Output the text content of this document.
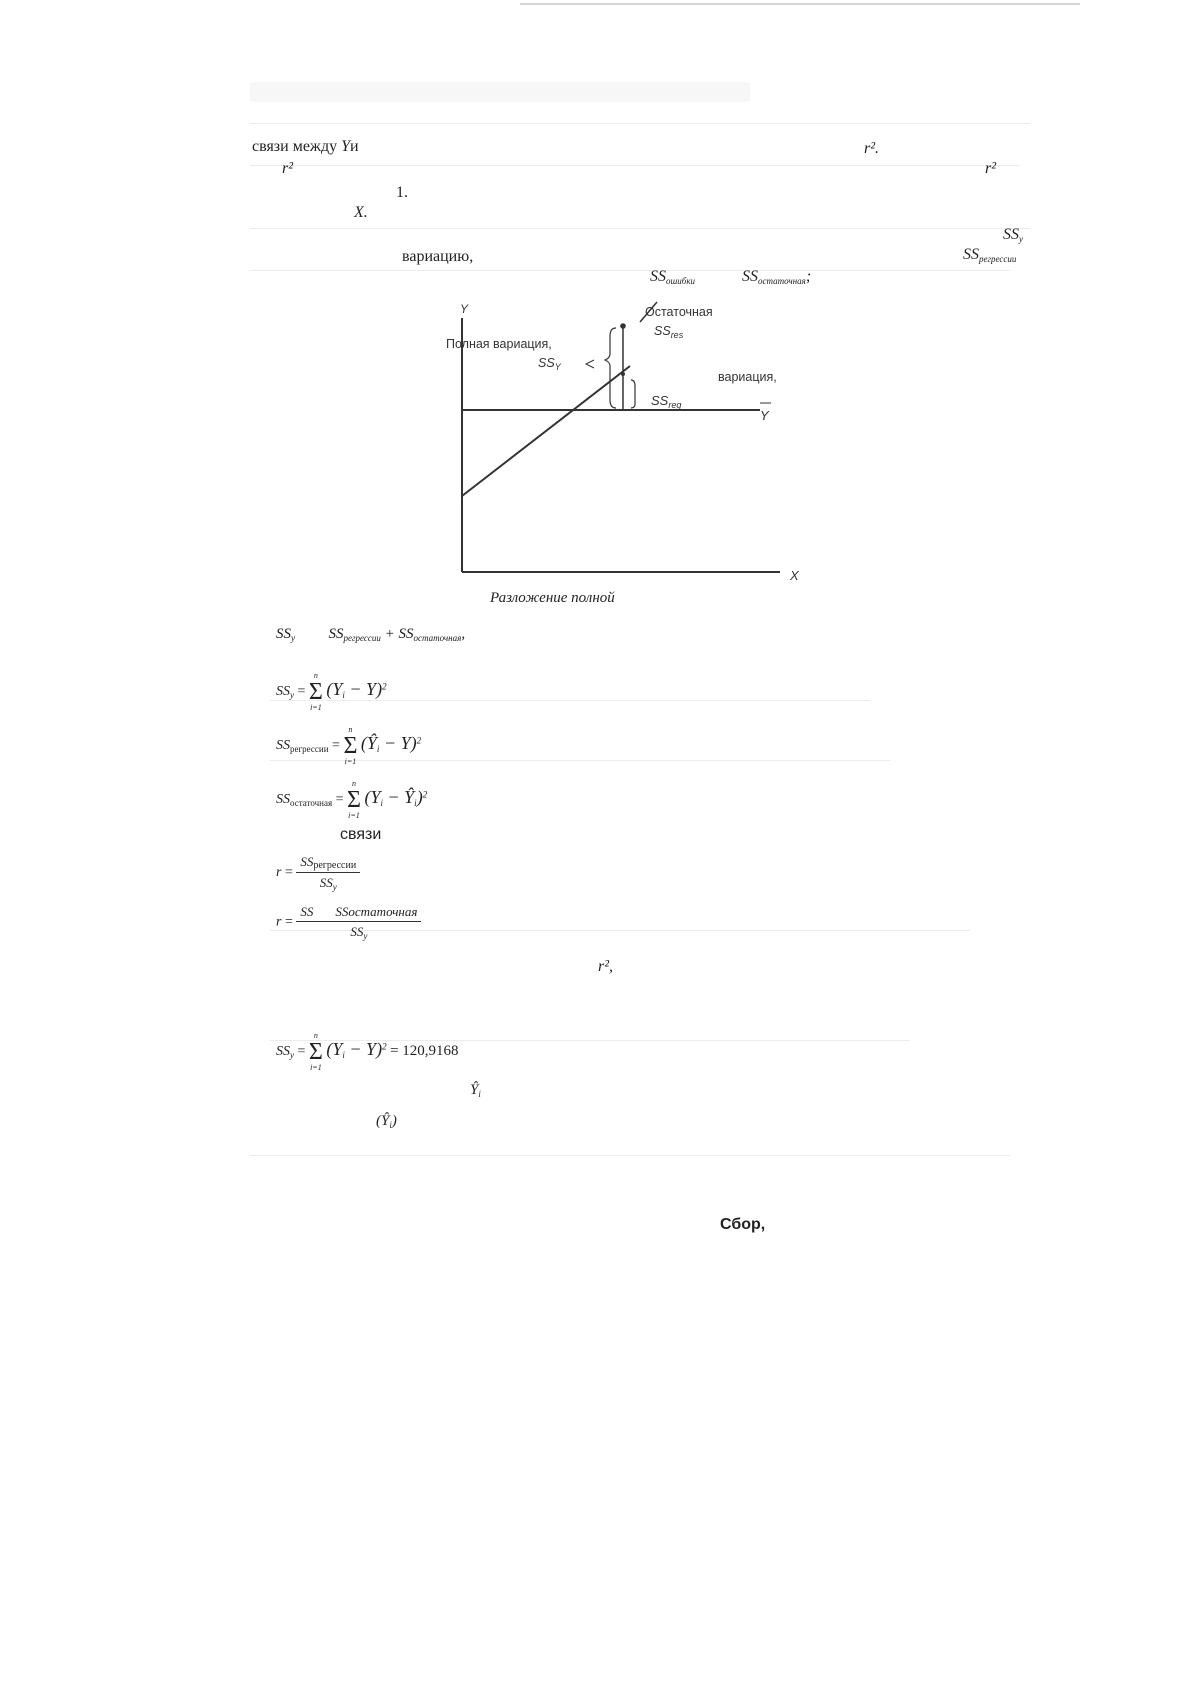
связи между Yи	r².
r²	r²
1.
X.
$SS_y$
вариацию,	$SS_{регрессии}$
$SS_{ошибки}$	$SS_{остаточная}$;
Y
X
Y
Остаточная
$SS_{res}$
Полная вариация,
$SS_Y$
$SS_{reg}$
вариация,
Разложение полной
$SS_y$ $SS_{регрессии} + SS_{остаточная}$,
$SS_y$ =
n
Σ
i=1
$(Y_i - Y)^2$
$SS_{регрессии}$ =
n
Σ
i=1
$(Ŷ_i - Y)^2$
$SS_{остаточная}$ =
n
Σ
i=1
($Y_i$ − $Ŷ_i)^2$
связи
$r = \frac{\text{SSрегрессии}}{SS_y}$
$r = \frac{\text{SS SSостаточная}}{SS_y}$
r²,
$SS_y$ =
n
Σ
i=1
$(Y_i - Y)^2 = 120,9168$
$Ŷ_i$
$(Ŷ_i)$
Сбор,
